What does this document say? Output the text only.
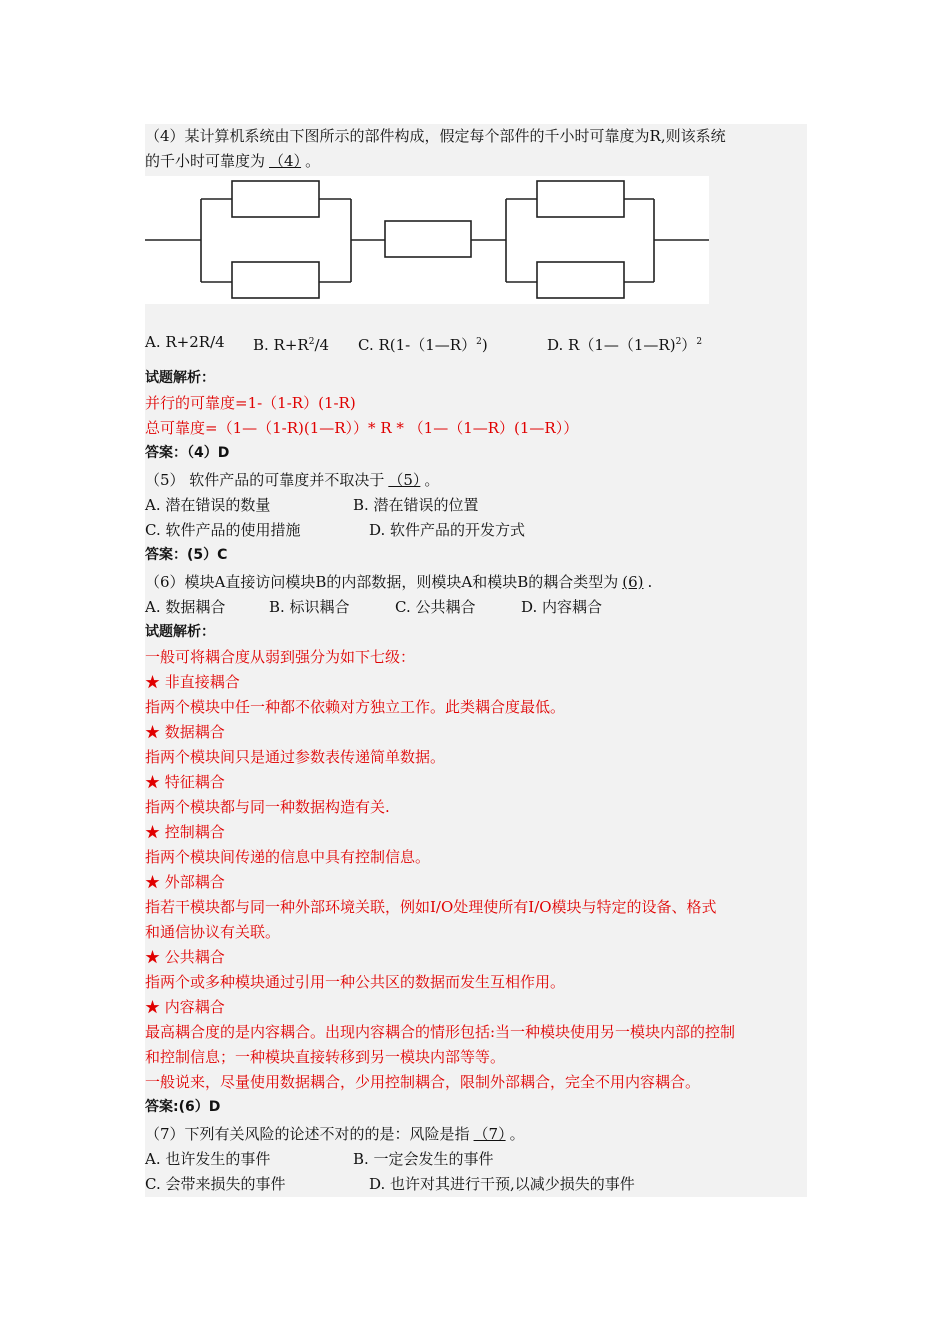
（4）某计算机系统由下图所示的部件构成，假定每个部件的千小时可靠度为R,则该系统
的千小时可靠度为 （4） 。
A. R+2R/4	B. $R+R^2/4$	C. R(1-（1—R）$^2$)	D. R（1—（1—R)$^2$）$^2$
试题解析：
并行的可靠度=1-（1-R）(1-R)
总可靠度=（1—（1-R)(1—R））* R * （1—（1—R）(1—R））
答案：（4）D
（5） 软件产品的可靠度并不取决于 （5） 。
A. 潜在错误的数量	B. 潜在错误的位置
C. 软件产品的使用措施	D. 软件产品的开发方式
答案：(5）C
（6）模块A直接访问模块B的内部数据，则模块A和模块B的耦合类型为 (6) .
A. 数据耦合	B. 标识耦合	C. 公共耦合	D. 内容耦合
试题解析：
一般可将耦合度从弱到强分为如下七级：
★ 非直接耦合
指两个模块中任一种都不依赖对方独立工作。此类耦合度最低。
★ 数据耦合
指两个模块间只是通过参数表传递简单数据。
★ 特征耦合
指两个模块都与同一种数据构造有关.
★ 控制耦合
指两个模块间传递的信息中具有控制信息。
★ 外部耦合
指若干模块都与同一种外部环境关联，例如I/O处理使所有I/O模块与特定的设备、格式
和通信协议有关联。
★ 公共耦合
指两个或多种模块通过引用一种公共区的数据而发生互相作用。
★ 内容耦合
最高耦合度的是内容耦合。出现内容耦合的情形包括:当一种模块使用另一模块内部的控制
和控制信息；一种模块直接转移到另一模块内部等等。
一般说来，尽量使用数据耦合，少用控制耦合，限制外部耦合，完全不用内容耦合。
答案:(6）D
（7）下列有关风险的论述不对的的是：风险是指 （7） 。
A. 也许发生的事件	B. 一定会发生的事件
C. 会带来损失的事件	D. 也许对其进行干预,以减少损失的事件
